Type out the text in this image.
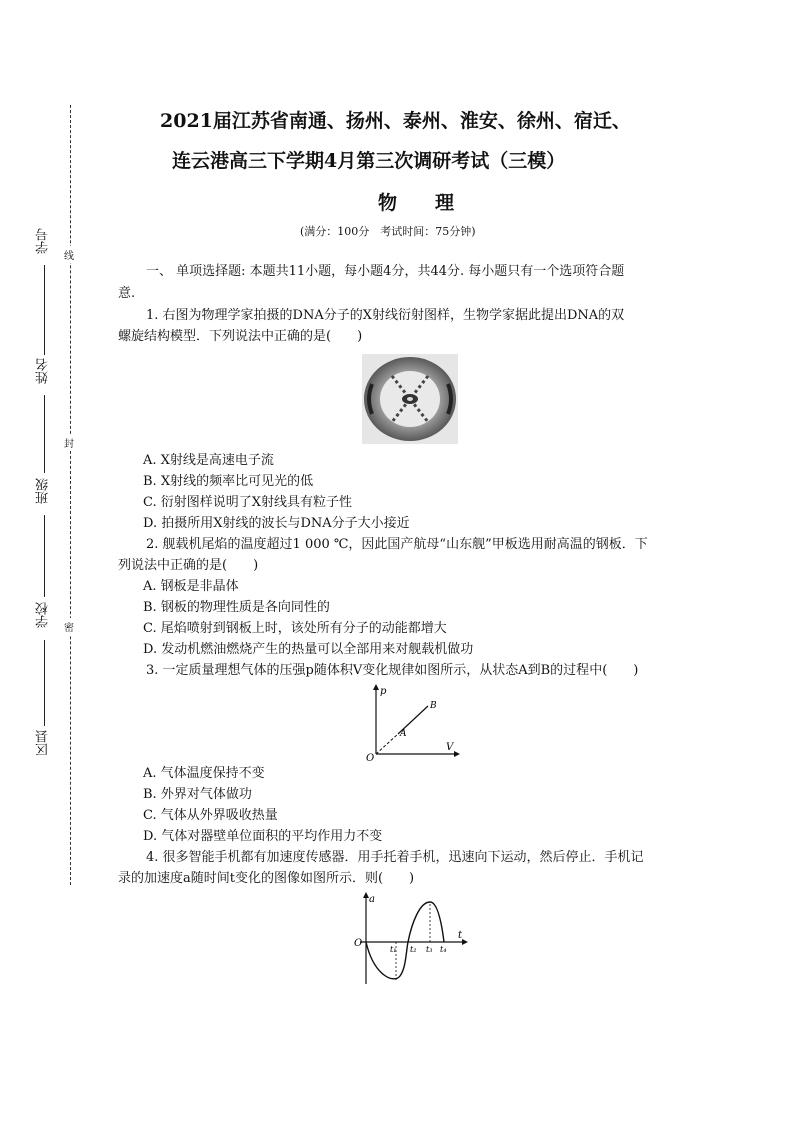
线
封
密
学号
姓名
班级
学校
区县
2021届江苏省南通、扬州、泰州、淮安、徐州、宿迁、
连云港高三下学期4月第三次调研考试（三模）
物　　理
(满分：100分　考试时间：75分钟)
一、 单项选择题: 本题共11小题，每小题4分，共44分. 每小题只有一个选项符合题
意.
1. 右图为物理学家拍摄的DNA分子的X射线衍射图样，生物学家据此提出DNA的双
螺旋结构模型．下列说法中正确的是(　　)
A. X射线是高速电子流
B. X射线的频率比可见光的低
C. 衍射图样说明了X射线具有粒子性
D. 拍摄所用X射线的波长与DNA分子大小接近
2. 舰载机尾焰的温度超过1 000 ℃，因此国产航母“山东舰”甲板选用耐高温的钢板．下
列说法中正确的是(　　)
A. 钢板是非晶体
B. 钢板的物理性质是各向同性的
C. 尾焰喷射到钢板上时，该处所有分子的动能都增大
D. 发动机燃油燃烧产生的热量可以全部用来对舰载机做功
3. 一定质量理想气体的压强p随体积V变化规律如图所示，从状态A到B的过程中(　　)
p
V
O
A
B
A. 气体温度保持不变
B. 外界对气体做功
C. 气体从外界吸收热量
D. 气体对器壁单位面积的平均作用力不变
4. 很多智能手机都有加速度传感器．用手托着手机，迅速向下运动，然后停止．手机记
录的加速度a随时间t变化的图像如图所示．则(　　)
a
t
O
t₁ t₂ t₃ t₄
